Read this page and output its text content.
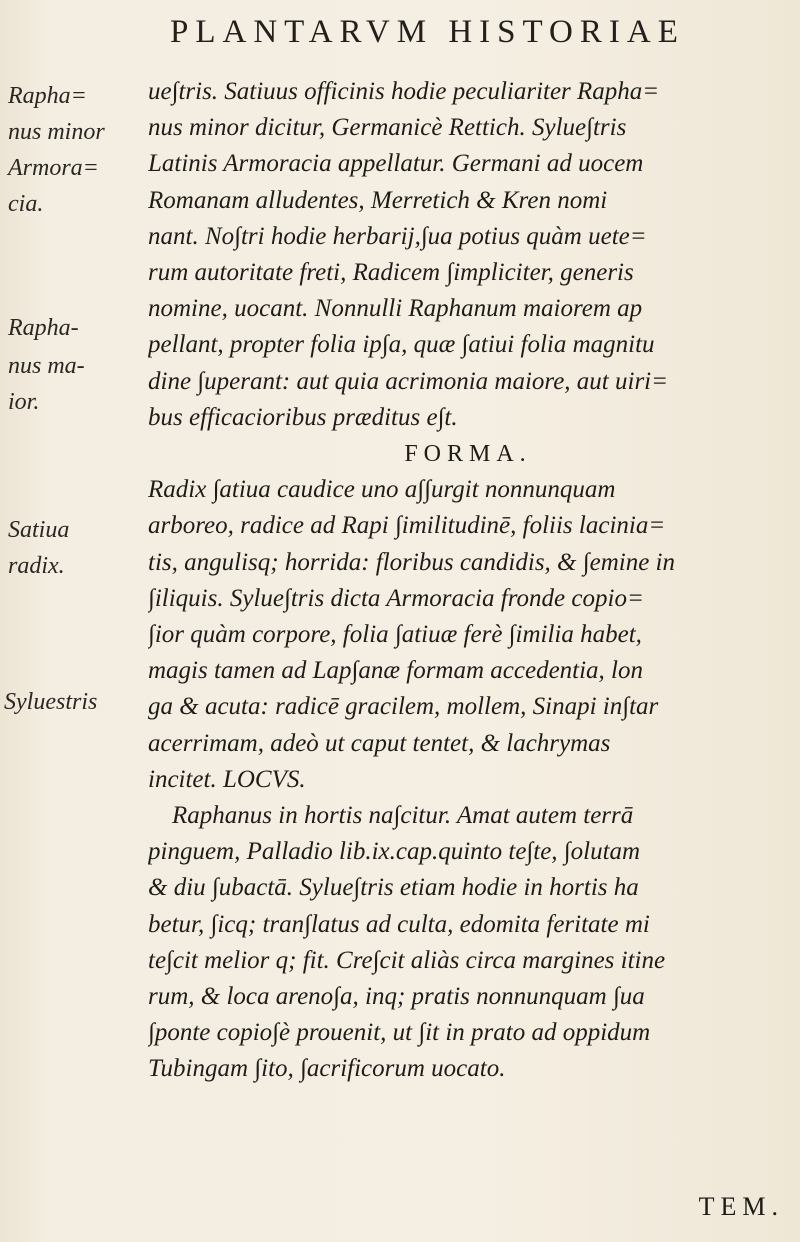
PLANTARVM HISTORIAE
Rapha=
nus minor
Armora=
cia.
Rapha-
nus ma-
ior.
Satiua
radix.
Syluestris
ue∫tris. Satiuus officinis hodie peculiariter Rapha=
nus minor dicitur, Germanicè Rettich. Sylue∫tris
Latinis Armoracia appellatur. Germani ad uocem
Romanam alludentes, Merretich & Kren nomi
nant. No∫tri hodie herbarij,∫ua potius quàm uete=
rum autoritate freti, Radicem ∫impliciter, generis
nomine, uocant. Nonnulli Raphanum maiorem ap
pellant, propter folia ip∫a, quæ ∫atiui folia magnitu
dine ∫uperant: aut quia acrimonia maiore, aut uiri=
bus efficacioribus præditus e∫t.
FORMA.
Radix ∫atiua caudice uno a∫∫urgit nonnunquam
arboreo, radice ad Rapi ∫imilitudinē, foliis lacinia=
tis, angulisq; horrida: floribus candidis, & ∫emine in
∫iliquis. Sylue∫tris dicta Armoracia fronde copio=
∫ior quàm corpore, folia ∫atiuæ ferè ∫imilia habet,
magis tamen ad Lap∫anæ formam accedentia, lon
ga & acuta: radicē gracilem, mollem, Sinapi in∫tar
acerrimam, adeò ut caput tentet, & lachrymas
incitet. LOCVS.
Raphanus in hortis na∫citur. Amat autem terrā
pinguem, Palladio lib.ix.cap.quinto te∫te, ∫olutam
& diu ∫ubactā. Sylue∫tris etiam hodie in hortis ha
betur, ∫icq; tran∫latus ad culta, edomita feritate mi
te∫cit melior q; fit. Cre∫cit aliàs circa margines itine
rum, & loca areno∫a, inq; pratis nonnunquam ∫ua
∫ponte copio∫è prouenit, ut ∫it in prato ad oppidum
Tubingam ∫ito, ∫acrificorum uocato.
TEM.
